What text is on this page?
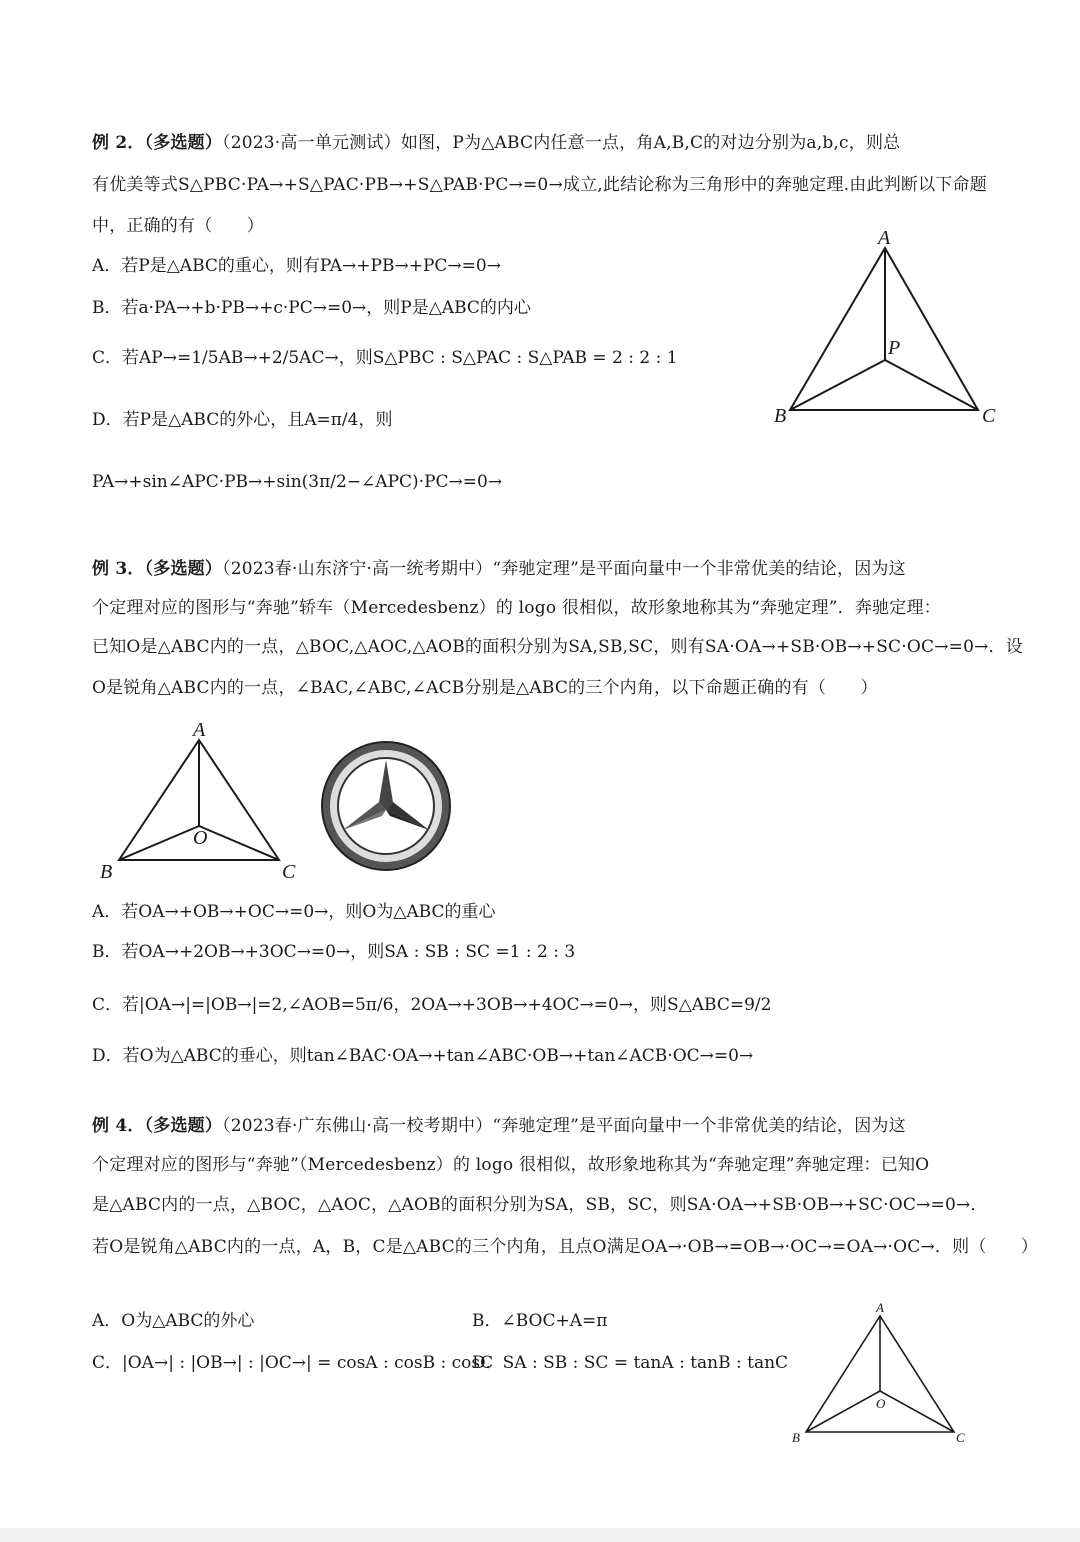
例 2．（多选题）（2023·高一单元测试）如图，P为△ABC内任意一点，角A,B,C的对边分别为a,b,c，则总
有优美等式S△PBC·PA→+S△PAC·PB→+S△PAB·PC→=0→成立,此结论称为三角形中的奔驰定理.由此判断以下命题
中，正确的有（　　）
A．若P是△ABC的重心，则有PA→+PB→+PC→=0→
B．若a·PA→+b·PB→+c·PC→=0→，则P是△ABC的内心
C．若AP→=1/5AB→+2/5AC→，则S△PBC : S△PAC : S△PAB = 2 : 2 : 1
D．若P是△ABC的外心，且A=π/4，则
PA→+sin∠APC·PB→+sin(3π/2−∠APC)·PC→=0→
A
B	C
P
例 3．（多选题）（2023春·山东济宁·高一统考期中）“奔驰定理”是平面向量中一个非常优美的结论，因为这
个定理对应的图形与“奔驰”轿车（Mercedesbenz）的 logo 很相似，故形象地称其为“奔驰定理”．奔驰定理：
已知O是△ABC内的一点，△BOC,△AOC,△AOB的面积分别为SA,SB,SC，则有SA·OA→+SB·OB→+SC·OC→=0→．设
O是锐角△ABC内的一点，∠BAC,∠ABC,∠ACB分别是△ABC的三个内角，以下命题正确的有（　　）
A
B	C
O
A．若OA→+OB→+OC→=0→，则O为△ABC的重心
B．若OA→+2OB→+3OC→=0→，则SA : SB : SC =1 : 2 : 3
C．若|OA→|=|OB→|=2,∠AOB=5π/6，2OA→+3OB→+4OC→=0→，则S△ABC=9/2
D．若O为△ABC的垂心，则tan∠BAC·OA→+tan∠ABC·OB→+tan∠ACB·OC→=0→
例 4．（多选题）（2023春·广东佛山·高一校考期中）“奔驰定理”是平面向量中一个非常优美的结论，因为这
个定理对应的图形与“奔驰”（Mercedesbenz）的 logo 很相似，故形象地称其为“奔驰定理”奔驰定理：已知O
是△ABC内的一点，△BOC，△AOC，△AOB的面积分别为SA，SB，SC，则SA·OA→+SB·OB→+SC·OC→=0→．
若O是锐角△ABC内的一点，A，B，C是△ABC的三个内角，且点O满足OA→·OB→=OB→·OC→=OA→·OC→．则（　　）
A．O为△ABC的外心	B．∠BOC+A=π
C．|OA→| : |OB→| : |OC→| = cosA : cosB : cosC
D．SA : SB : SC = tanA : tanB : tanC
A
B	C
O
